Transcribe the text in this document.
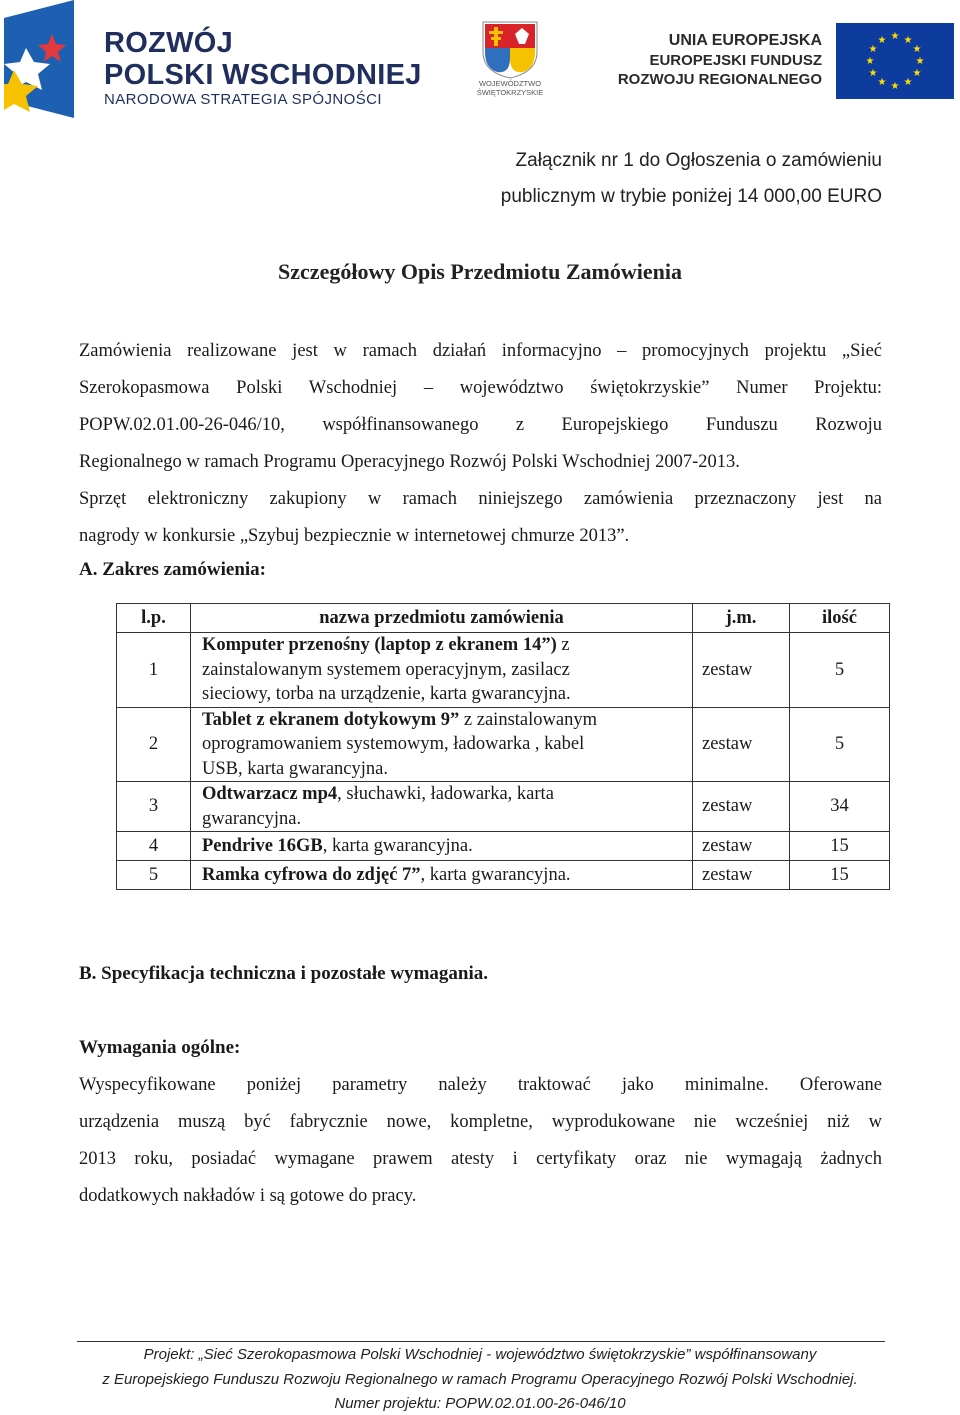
ROZWÓJ
POLSKI WSCHODNIEJ
NARODOWA STRATEGIA SPÓJNOŚCI
WOJEWÓDZTWO
ŚWIĘTOKRZYSKIE
UNIA EUROPEJSKA
EUROPEJSKI FUNDUSZ
ROZWOJU REGIONALNEGO
★ ★
★
★
★
★
★
★
★
★
★
★
Załącznik nr 1 do Ogłoszenia o zamówieniu
publicznym w trybie poniżej 14 000,00 EURO
Szczegółowy Opis Przedmiotu Zamówienia
Zamówienia realizowane jest w ramach działań informacyjno – promocyjnych projektu „Sieć
Szerokopasmowa Polski Wschodniej – województwo świętokrzyskie” Numer Projektu:
POPW.02.01.00-26-046/10, współfinansowanego z Europejskiego Funduszu Rozwoju
Regionalnego w ramach Programu Operacyjnego Rozwój Polski Wschodniej 2007-2013.
Sprzęt elektroniczny zakupiony w ramach niniejszego zamówienia przeznaczony jest na
nagrody w konkursie „Szybuj bezpiecznie w internetowej chmurze 2013”.
A. Zakres zamówienia:
l.p.	nazwa przedmiotu zamówienia	j.m.	ilość
1	Komputer przenośny (laptop z ekranem 14”) z
zainstalowanym systemem operacyjnym, zasilacz
sieciowy, torba na urządzenie, karta gwarancyjna.	zestaw	5
2	Tablet z ekranem dotykowym 9” z zainstalowanym
oprogramowaniem systemowym, ładowarka , kabel
USB, karta gwarancyjna.	zestaw	5
3	Odtwarzacz mp4, słuchawki, ładowarka, karta
gwarancyjna.	zestaw	34
4	Pendrive 16GB, karta gwarancyjna.	zestaw	15
5	Ramka cyfrowa do zdjęć 7”, karta gwarancyjna.	zestaw	15
B. Specyfikacja techniczna i pozostałe wymagania.
Wymagania ogólne:
Wyspecyfikowane poniżej parametry należy traktować jako minimalne. Oferowane
urządzenia muszą być fabrycznie nowe, kompletne, wyprodukowane nie wcześniej niż w
2013 roku, posiadać wymagane prawem atesty i certyfikaty oraz nie wymagają żadnych
dodatkowych nakładów i są gotowe do pracy.
Projekt: „Sieć Szerokopasmowa Polski Wschodniej - województwo świętokrzyskie” współfinansowany
z Europejskiego Funduszu Rozwoju Regionalnego w ramach Programu Operacyjnego Rozwój Polski Wschodniej.
Numer projektu: POPW.02.01.00-26-046/10
